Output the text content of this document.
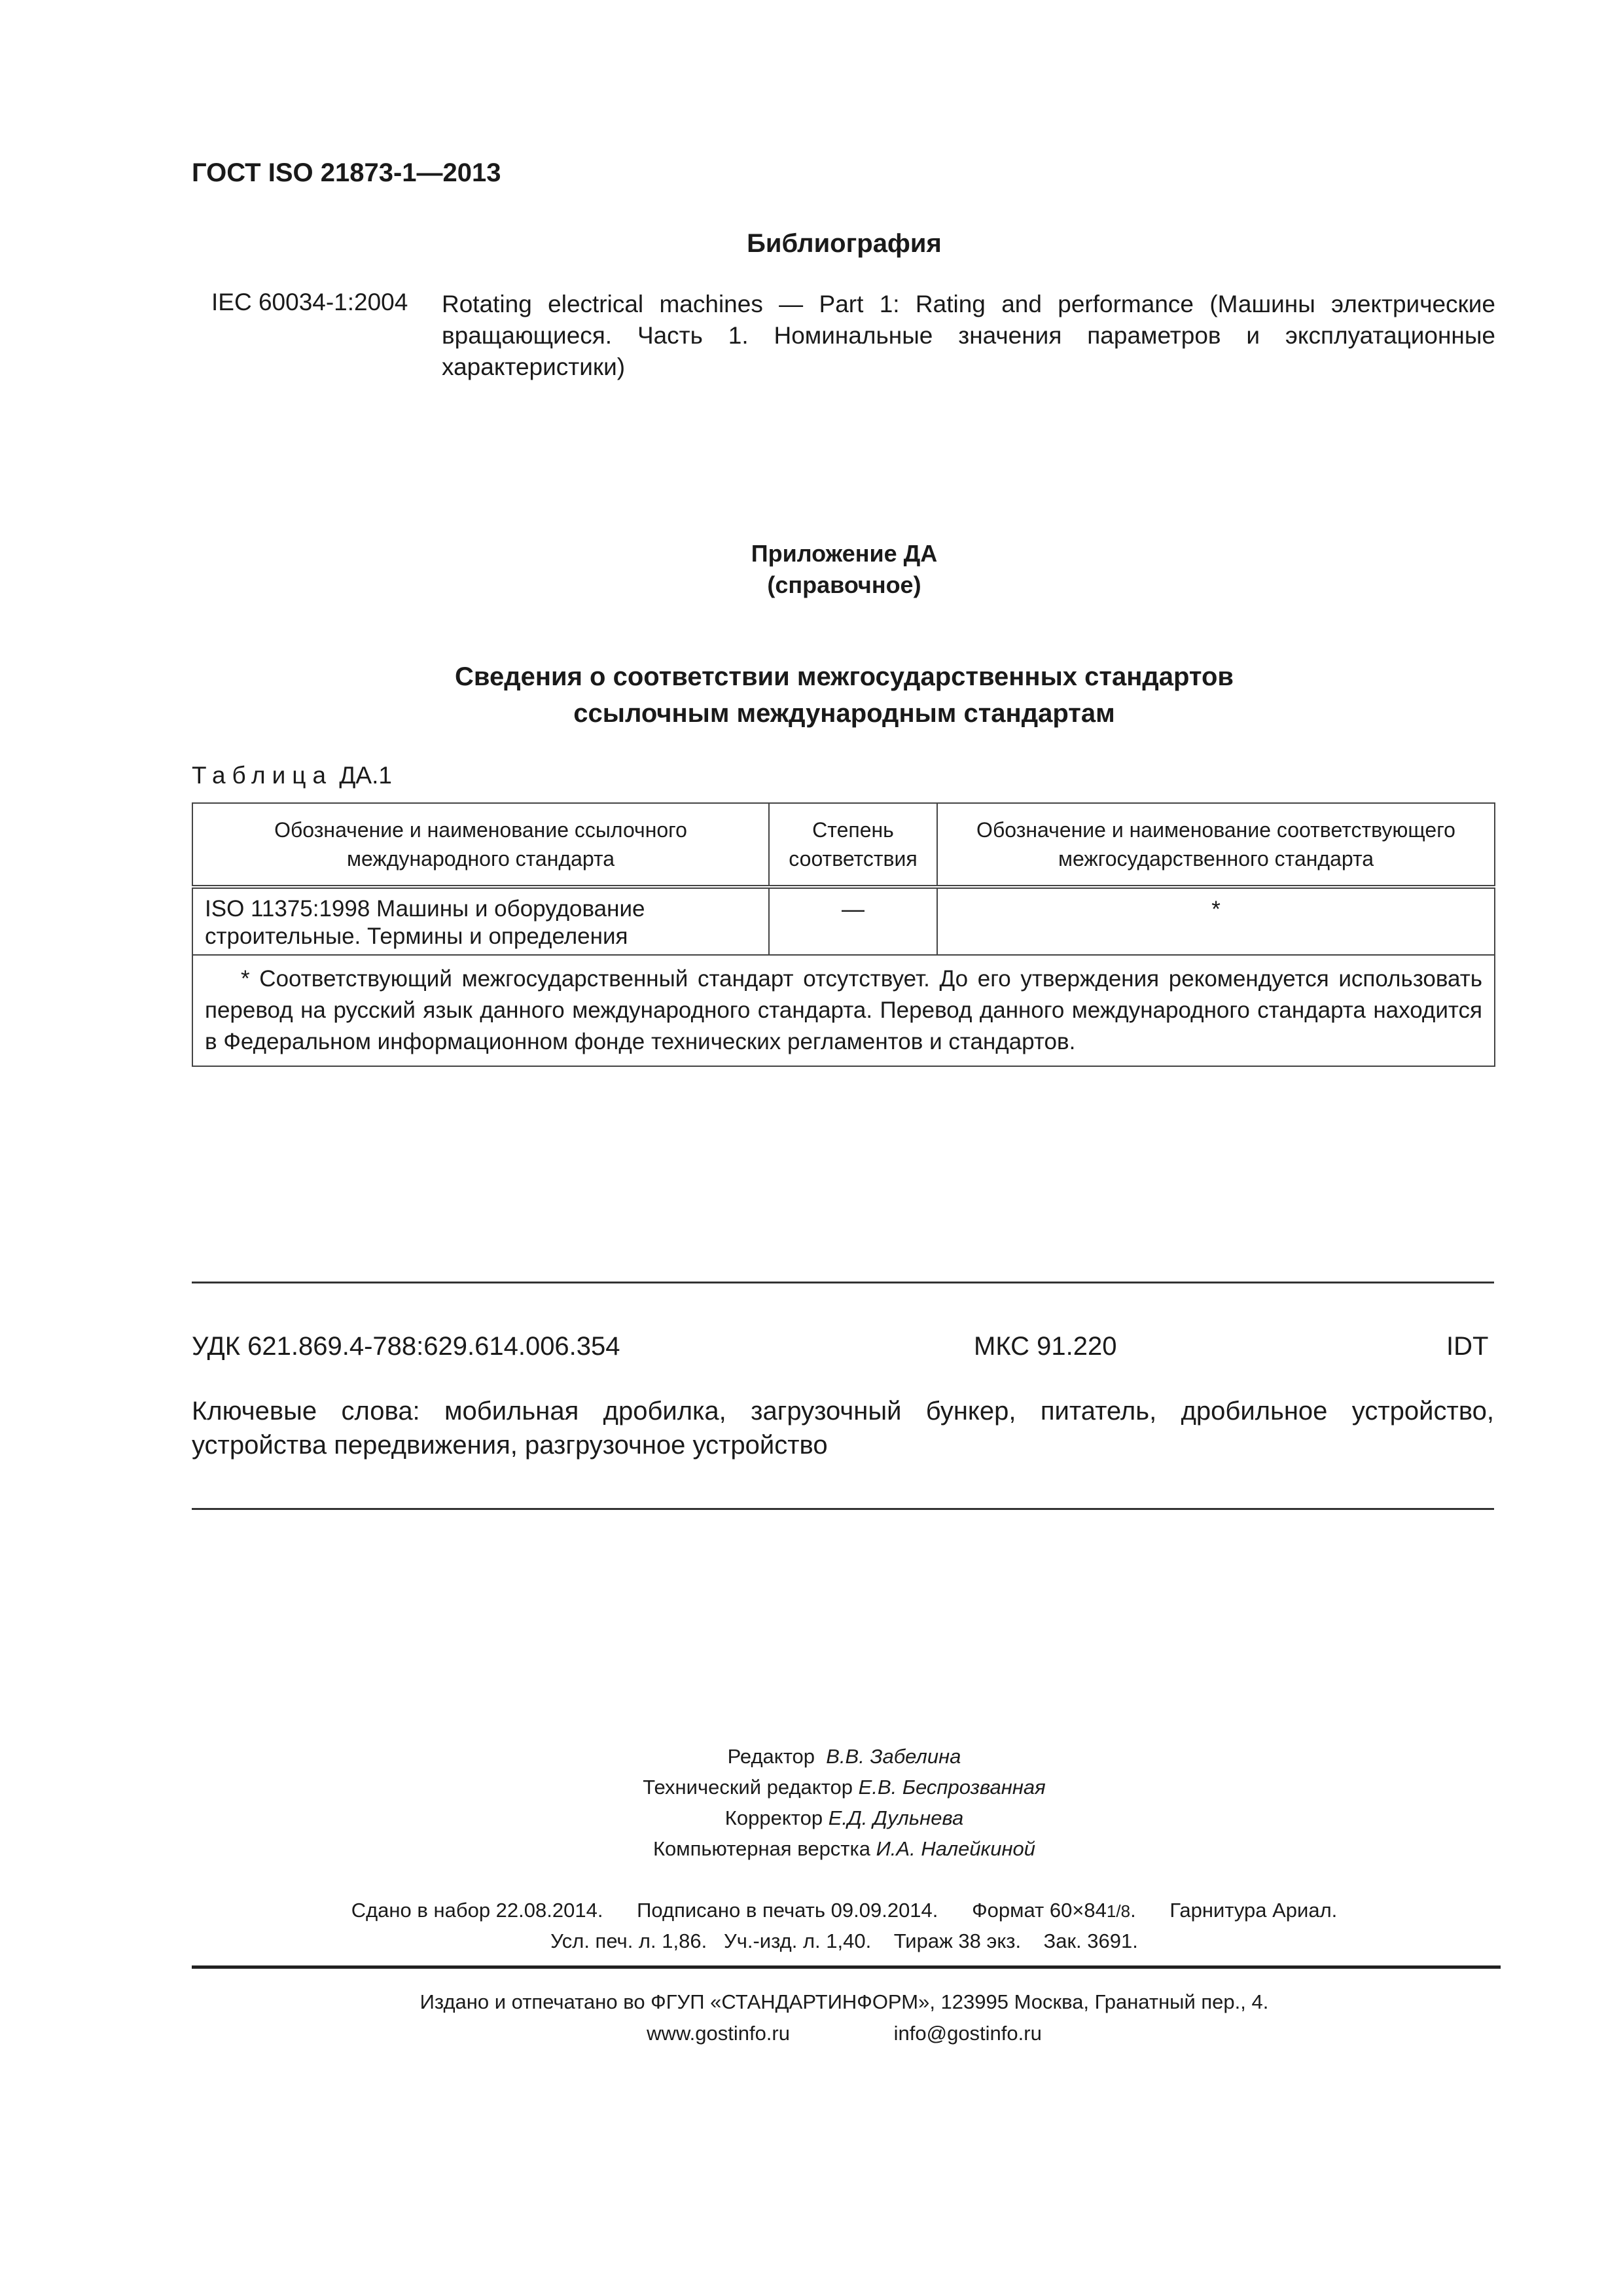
ГОСТ ISO 21873-1—2013
Библиография
IEC 60034-1:2004 Rotating electrical machines — Part 1: Rating and performance (Машины электрические вращающиеся. Часть 1. Номинальные значения параметров и эксплуатационные характеристики)
Приложение ДА
(справочное)
Сведения о соответствии межгосударственных стандартов
ссылочным международным стандартам
Таблица ДА.1
Обозначение и наименование ссылочного международного стандарта	Степень соответствия	Обозначение и наименование соответствующего межгосударственного стандарта
ISO 11375:1998 Машины и оборудование строительные. Термины и определения	—	*
* Соответствующий межгосударственный стандарт отсутствует. До его утверждения рекомендуется использовать перевод на русский язык данного международного стандарта. Перевод данного международного стандарта находится в Федеральном информационном фонде технических регламентов и стандартов.		
УДК 621.869.4-788:629.614.006.354	МКС 91.220	IDT
Ключевые слова: мобильная дробилка, загрузочный бункер, питатель, дробильное устройство, устройства передвижения, разгрузочное устройство
Редактор В.В. Забелина
Технический редактор Е.В. Беспрозванная
Корректор Е.Д. Дульнева
Компьютерная верстка И.А. Налейкиной
Сдано в набор 22.08.2014. Подписано в печать 09.09.2014. Формат 60×841/8.      Гарнитура Ариал.
Усл. печ. л. 1,86. Уч.-изд. л. 1,40. Тираж 38 экз. Зак. 3691.
Издано и отпечатано во ФГУП «СТАНДАРТИНФОРМ», 123995 Москва, Гранатный пер., 4.
www.gostinfo.ru	info@gostinfo.ru
